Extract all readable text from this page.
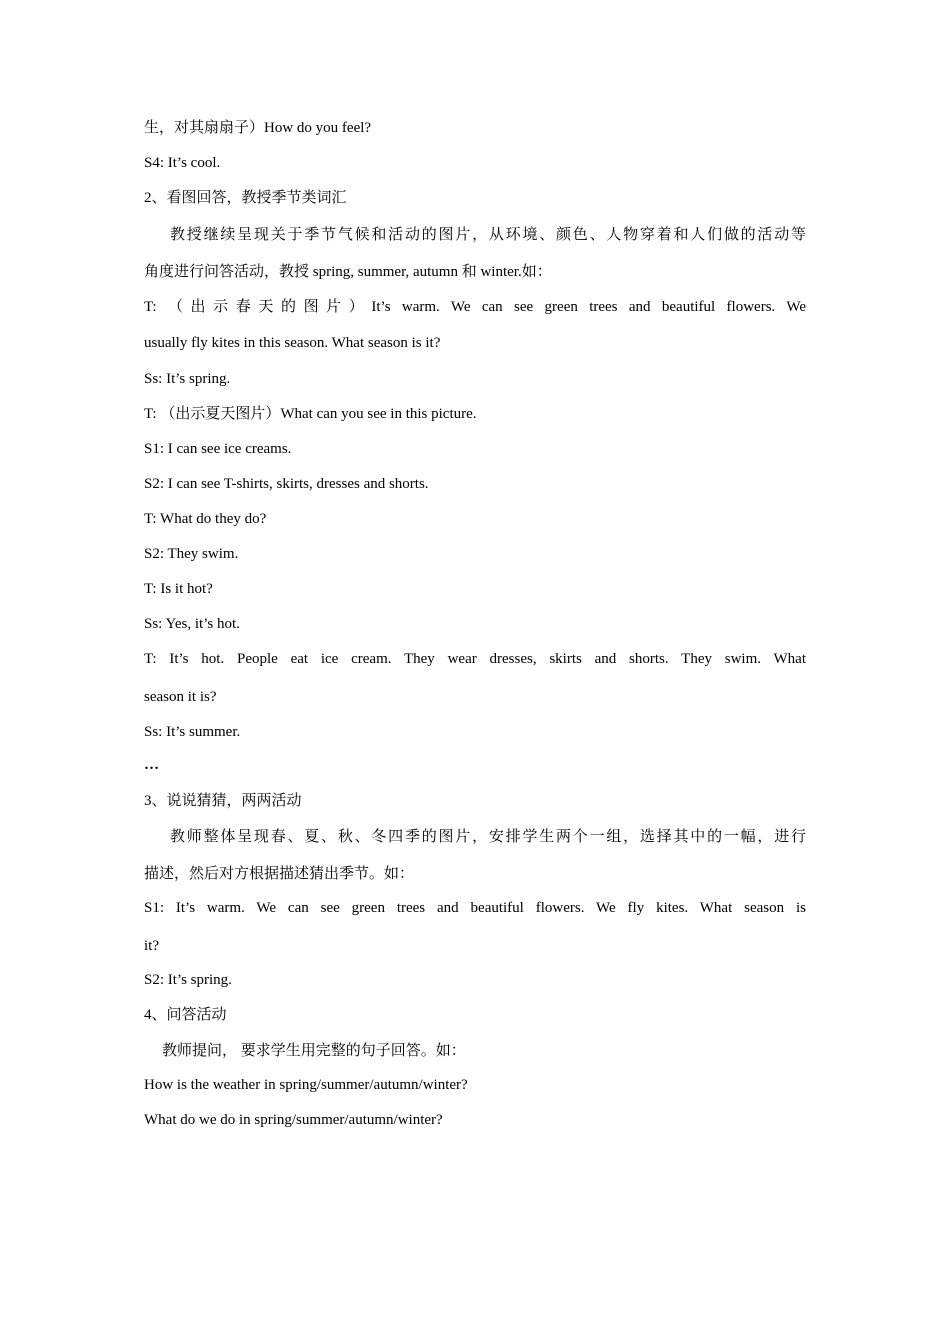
生，对其扇扇子）How do you feel?
S4: It’s cool.
2、看图回答，教授季节类词汇
教授继续呈现关于季节气候和活动的图片，从环境、颜色、人物穿着和人们做的活动等
角度进行问答活动，教授 spring, summer, autumn 和 winter.如：
T: （出示春天的图片）It’s warm. We can see green trees and beautiful flowers. We
usually fly kites in this season. What season is it?
Ss: It’s spring.
T: （出示夏天图片）What can you see in this picture.
S1: I can see ice creams.
S2: I can see T-shirts, skirts, dresses and shorts.
T: What do they do?
S2: They swim.
T: Is it hot?
Ss: Yes, it’s hot.
T: It’s hot. People eat ice cream. They wear dresses, skirts and shorts. They swim. What
season it is?
Ss: It’s summer.
…
3、说说猜猜，两两活动
教师整体呈现春、夏、秋、冬四季的图片，安排学生两个一组，选择其中的一幅，进行
描述，然后对方根据描述猜出季节。如：
S1: It’s warm. We can see green trees and beautiful flowers. We fly kites. What season is
it?
S2: It’s spring.
4、问答活动
教师提问， 要求学生用完整的句子回答。如：
How is the weather in spring/summer/autumn/winter?
What do we do in spring/summer/autumn/winter?
